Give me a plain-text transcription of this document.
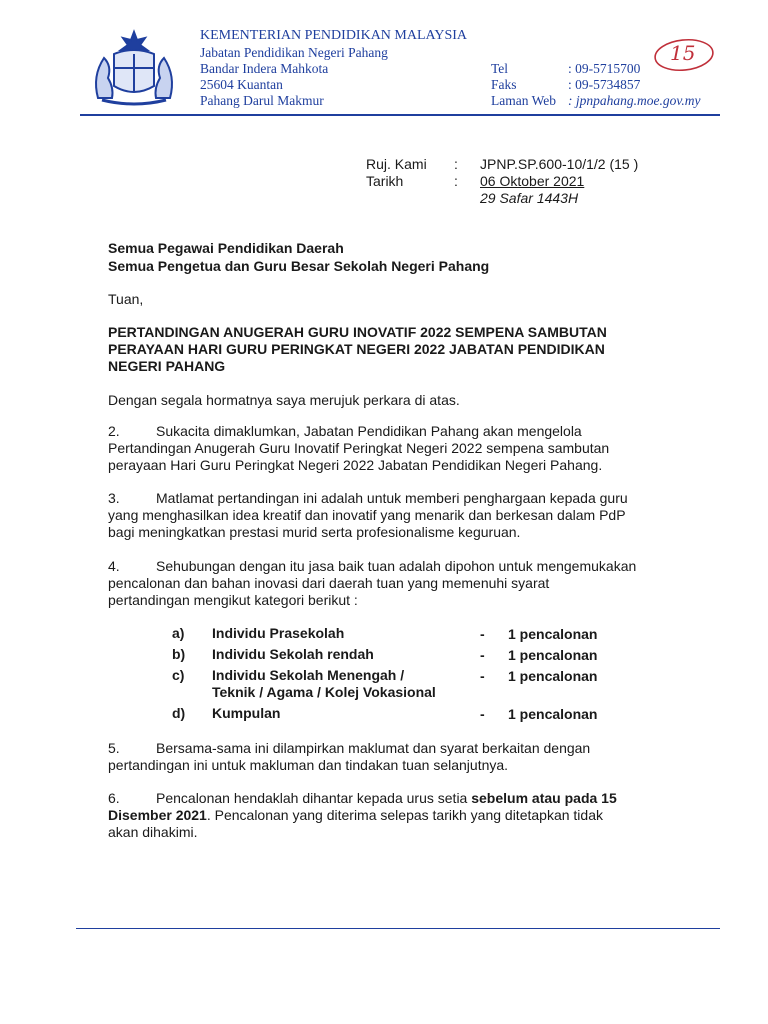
KEMENTERIAN PENDIDIKAN MALAYSIA
Jabatan Pendidikan Negeri Pahang
Bandar Indera Mahkota
25604 Kuantan
Pahang Darul Makmur
Tel	: 09-5715700
Faks	: 09-5734857
Laman Web : jpnpahang.moe.gov.my
15
Ruj. Kami : JPNP.SP.600-10/1/2 (15 )
Tarikh	: 06 Oktober 2021
29 Safar 1443H
Semua Pegawai Pendidikan Daerah
Semua Pengetua dan Guru Besar Sekolah Negeri Pahang
Tuan,
PERTANDINGAN ANUGERAH GURU INOVATIF 2022 SEMPENA SAMBUTAN
PERAYAAN HARI GURU PERINGKAT NEGERI 2022 JABATAN PENDIDIKAN
NEGERI PAHANG
Dengan segala hormatnya saya merujuk perkara di atas.
2.	Sukacita dimaklumkan, Jabatan Pendidikan Pahang akan mengelola
Pertandingan Anugerah Guru Inovatif Peringkat Negeri 2022 sempena sambutan
perayaan Hari Guru Peringkat Negeri 2022 Jabatan Pendidikan Negeri Pahang.
3.	Matlamat pertandingan ini adalah untuk memberi penghargaan kepada guru
yang menghasilkan idea kreatif dan inovatif yang menarik dan berkesan dalam PdP
bagi meningkatkan prestasi murid serta profesionalisme keguruan.
4.	Sehubungan dengan itu jasa baik tuan adalah dipohon untuk mengemukakan
pencalonan dan bahan inovasi dari daerah tuan yang memenuhi syarat
pertandingan mengikut kategori berikut :
a) Individu Prasekolah	- 1 pencalonan
b) Individu Sekolah rendah	- 1 pencalonan
c) Individu Sekolah Menengah /
Teknik / Agama / Kolej Vokasional
- 1 pencalonan
d) Kumpulan	- 1 pencalonan
5.	Bersama-sama ini dilampirkan maklumat dan syarat berkaitan dengan
pertandingan ini untuk makluman dan tindakan tuan selanjutnya.
6.	Pencalonan hendaklah dihantar kepada urus setia sebelum atau pada 15
Disember 2021. Pencalonan yang diterima selepas tarikh yang ditetapkan tidak
akan dihakimi.
